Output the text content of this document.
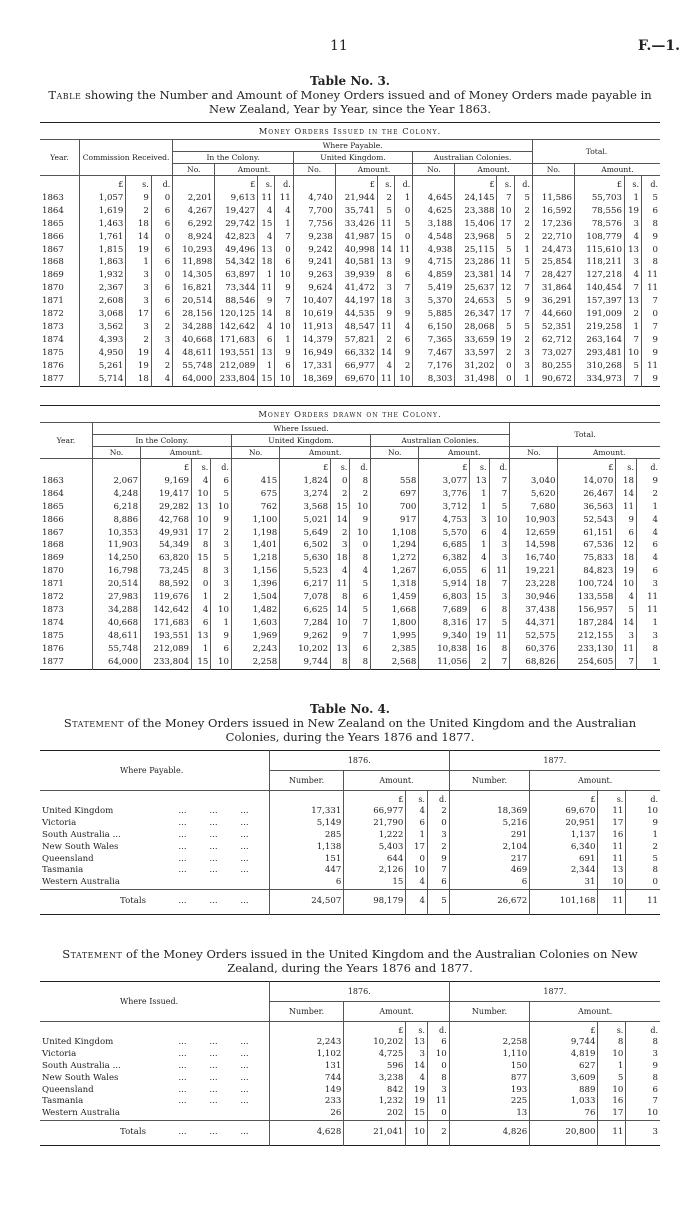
11	F.—1.
Table No. 3.
Table showing the Number and Amount of Money Orders issued and of Money Orders made payable in New Zealand, Year by Year, since the Year 1863.
Money Orders Issued in the Colony.																			
Year.	Commission Received.			Where Payable.												Total.			
				In the Colony.				United Kingdom.				Australian Colonies.							
				No.	Amount.			No.	Amount.			No.	Amount.			No.	Amount.		
	£	s.	d.		£	s.	d.		£	s.	d.		£	s.	d.		£	s.	d.
1863	1,057	9	0	2,201	9,613	11	11	4,740	21,944	2	1	4,645	24,145	7	5	11,586	55,703	1	5
1864	1,619	2	6	4,267	19,427	4	4	7,700	35,741	5	0	4,625	23,388	10	2	16,592	78,556	19	6
1865	1,463	18	6	6,292	29,742	15	1	7,756	33,426	11	5	3,188	15,406	17	2	17,236	78,576	3	8
1866	1,761	14	0	8,924	42,823	4	7	9,238	41,987	15	0	4,548	23,968	5	2	22,710	108,779	4	9
1867	1,815	19	6	10,293	49,496	13	0	9,242	40,998	14	11	4,938	25,115	5	1	24,473	115,610	13	0
1868	1,863	1	6	11,898	54,342	18	6	9,241	40,581	13	9	4,715	23,286	11	5	25,854	118,211	3	8
1869	1,932	3	0	14,305	63,897	1	10	9,263	39,939	8	6	4,859	23,381	14	7	28,427	127,218	4	11
1870	2,367	3	6	16,821	73,344	11	9	9,624	41,472	3	7	5,419	25,637	12	7	31,864	140,454	7	11
1871	2,608	3	6	20,514	88,546	9	7	10,407	44,197	18	3	5,370	24,653	5	9	36,291	157,397	13	7
1872	3,068	17	6	28,156	120,125	14	8	10,619	44,535	9	9	5,885	26,347	17	7	44,660	191,009	2	0
1873	3,562	3	2	34,288	142,642	4	10	11,913	48,547	11	4	6,150	28,068	5	5	52,351	219,258	1	7
1874	4,393	2	3	40,668	171,683	6	1	14,379	57,821	2	6	7,365	33,659	19	2	62,712	263,164	7	9
1875	4,950	19	4	48,611	193,551	13	9	16,949	66,332	14	9	7,467	33,597	2	3	73,027	293,481	10	9
1876	5,261	19	2	55,748	212,089	1	6	17,331	66,977	4	2	7,176	31,202	0	3	80,255	310,268	5	11
1877	5,714	18	4	64,000	233,804	15	10	18,369	69,670	11	10	8,303	31,498	0	1	90,672	334,973	7	9
Money Orders drawn on the Colony.																
Year.	Where Issued.												Total.			
	In the Colony.				United Kingdom.				Australian Colonies.							
	No.	Amount.			No.	Amount.			No.	Amount.			No.	Amount.		
		£	s.	d.		£	s.	d.		£	s.	d.		£	s.	d.
1863	2,067	9,169	4	6	415	1,824	0	8	558	3,077	13	7	3,040	14,070	18	9
1864	4,248	19,417	10	5	675	3,274	2	2	697	3,776	1	7	5,620	26,467	14	2
1865	6,218	29,282	13	10	762	3,568	15	10	700	3,712	1	5	7,680	36,563	11	1
1866	8,886	42,768	10	9	1,100	5,021	14	9	917	4,753	3	10	10,903	52,543	9	4
1867	10,353	49,931	17	2	1,198	5,649	2	10	1,108	5,570	6	4	12,659	61,151	6	4
1868	11,903	54,349	8	3	1,401	6,502	3	0	1,294	6,685	1	3	14,598	67,536	12	6
1869	14,250	63,820	15	5	1,218	5,630	18	8	1,272	6,382	4	3	16,740	75,833	18	4
1870	16,798	73,245	8	3	1,156	5,523	4	4	1,267	6,055	6	11	19,221	84,823	19	6
1871	20,514	88,592	0	3	1,396	6,217	11	5	1,318	5,914	18	7	23,228	100,724	10	3
1872	27,983	119,676	1	2	1,504	7,078	8	6	1,459	6,803	15	3	30,946	133,558	4	11
1873	34,288	142,642	4	10	1,482	6,625	14	5	1,668	7,689	6	8	37,438	156,957	5	11
1874	40,668	171,683	6	1	1,603	7,284	10	7	1,800	8,316	17	5	44,371	187,284	14	1
1875	48,611	193,551	13	9	1,969	9,262	9	7	1,995	9,340	19	11	52,575	212,155	3	3
1876	55,748	212,089	1	6	2,243	10,202	13	6	2,385	10,838	16	8	60,376	233,130	11	8
1877	64,000	233,804	15	10	2,258	9,744	8	8	2,568	11,056	2	7	68,826	254,605	7	1
Table No. 4.
Statement of the Money Orders issued in New Zealand on the United Kingdom and the Australian Colonies, during the Years 1876 and 1877.
Where Payable.				1876.				1877.			
				Number.	Amount.			Number.	Amount.		
					£	s.	d.		£	s.	d.
United Kingdom	...	...	...	17,331	66,977	4	2	18,369	69,670	11	10
Victoria	...	...	...	5,149	21,790	6	0	5,216	20,951	17	9
South Australia ...	...	...	...	285	1,222	1	3	291	1,137	16	1
New South Wales	...	...	...	1,138	5,403	17	2	2,104	6,340	11	2
Queensland	...	...	...	151	644	0	9	217	691	11	5
Tasmania	...	...	...	447	2,126	10	7	469	2,344	13	8
Western Australia				6	15	4	6	6	31	10	0
Totals	...	...	...	24,507	98,179	4	5	26,672	101,168	11	11
Statement of the Money Orders issued in the United Kingdom and the Australian Colonies on New Zealand, during the Years 1876 and 1877.
Where Issued.				1876.				1877.			
				Number.	Amount.			Number.	Amount.		
					£	s.	d.		£	s.	d.
United Kingdom	...	...	...	2,243	10,202	13	6	2,258	9,744	8	8
Victoria	...	...	...	1,102	4,725	3	10	1,110	4,819	10	3
South Australia ...	...	...	...	131	596	14	0	150	627	1	9
New South Wales	...	...	...	744	3,238	4	8	877	3,609	5	8
Queensland	...	...	...	149	842	19	3	193	889	10	6
Tasmania	...	...	...	233	1,232	19	11	225	1,033	16	7
Western Australia				26	202	15	0	13	76	17	10
Totals	...	...	...	4,628	21,041	10	2	4,826	20,800	11	3
